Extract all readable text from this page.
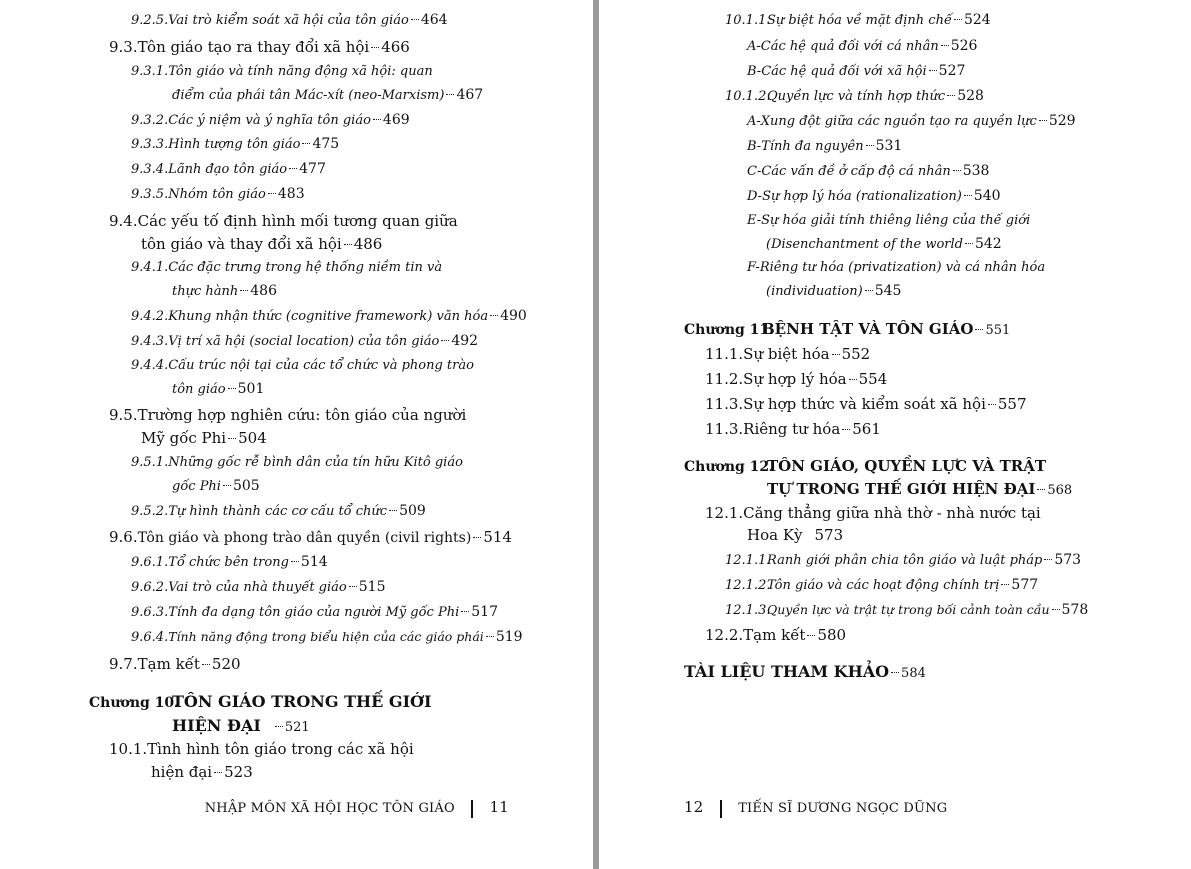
9.2.5. Vai trò kiểm soát xã hội của tôn giáo 464
9.3. Tôn giáo tạo ra thay đổi xã hội 466
9.3.1. Tôn giáo và tính năng động xã hội: quan
điểm của phái tân Mác-xít (neo-Marxism) 467
9.3.2. Các ý niệm và ý nghĩa tôn giáo 469
9.3.3. Hình tượng tôn giáo 475
9.3.4. Lãnh đạo tôn giáo 477
9.3.5. Nhóm tôn giáo 483
9.4. Các yếu tố định hình mối tương quan giữa
tôn giáo và thay đổi xã hội 486
9.4.1. Các đặc trưng trong hệ thống niềm tin và
thực hành 486
9.4.2. Khung nhận thức (cognitive framework) văn hóa 490
9.4.3. Vị trí xã hội (social location) của tôn giáo 492
9.4.4. Cấu trúc nội tại của các tổ chức và phong trào
tôn giáo 501
9.5. Trường hợp nghiên cứu: tôn giáo của người
Mỹ gốc Phi 504
9.5.1. Những gốc rễ bình dân của tín hữu Kitô giáo
gốc Phi 505
9.5.2. Tự hình thành các cơ cấu tổ chức 509
9.6. Tôn giáo và phong trào dân quyền (civil rights) 514
9.6.1. Tổ chức bên trong 514
9.6.2. Vai trò của nhà thuyết giáo 515
9.6.3. Tính đa dạng tôn giáo của người Mỹ gốc Phi 517
9.6.4. Tính năng động trong biểu hiện của các giáo phái 519
9.7. Tạm kết 520
Chương 10.
TÔN GIÁO TRONG THẾ GIỚI
HIỆN ĐẠI 521
10.1. Tình hình tôn giáo trong các xã hội
hiện đại 523
NHẬP MÔN XÃ HỘI HỌC TÔN GIÁO 11
10.1.1.
Sự biệt hóa về mặt định chế 524
A- Các hệ quả đối với cá nhân 526
B- Các hệ quả đối với xã hội 527
10.1.2.
Quyền lực và tính hợp thức 528
A- Xung đột giữa các nguồn tạo ra quyền lực 529
B- Tính đa nguyên 531
C- Các vấn đề ở cấp độ cá nhân 538
D- Sự hợp lý hóa (rationalization) 540
E- Sự hóa giải tính thiêng liêng của thế giới
(Disenchantment of the world 542
F- Riêng tư hóa (privatization) và cá nhân hóa
(individuation) 545
Chương 11.
BỆNH TẬT VÀ TÔN GIÁO 551
11.1. Sự biệt hóa 552
11.2. Sự hợp lý hóa 554
11.3. Sự hợp thức và kiểm soát xã hội 557
11.3. Riêng tư hóa 561
Chương 12.
TÔN GIÁO, QUYỀN LỰC VÀ TRẬT
TỰ TRONG THẾ GIỚI HIỆN ĐẠI 568
12.1. Căng thẳng giữa nhà thờ - nhà nước tại
Hoa Kỳ 573
12.1.1.
Ranh giới phân chia tôn giáo và luật pháp 573
12.1.2.
Tôn giáo và các hoạt động chính trị 577
12.1.3.
Quyền lực và trật tự trong bối cảnh toàn cầu 578
12.2. Tạm kết 580
TÀI LIỆU THAM KHẢO 584
12	TIẾN SĨ DƯƠNG NGỌC DŨNG
